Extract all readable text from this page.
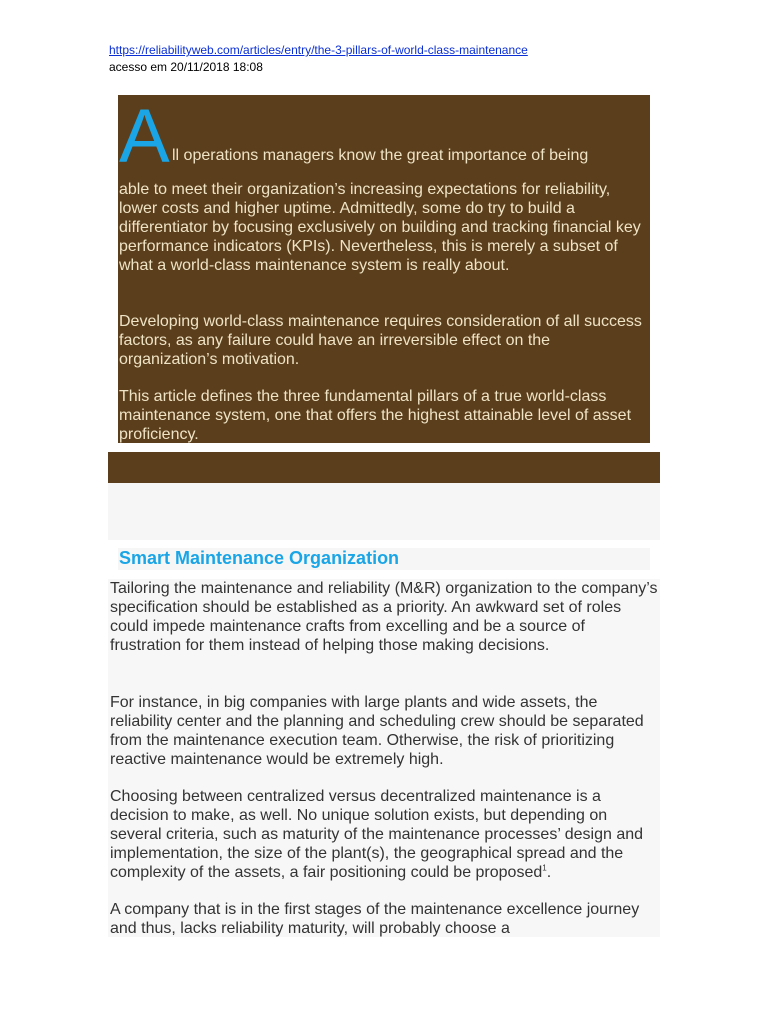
https://reliabilityweb.com/articles/entry/the-3-pillars-of-world-class-maintenance
acesso em 20/11/2018 18:08
A ll operations managers know the great importance of being

able to meet their organization’s increasing expectations for reliability, lower costs and higher uptime. Admittedly, some do try to build a differentiator by focusing exclusively on building and tracking financial key performance indicators (KPIs). Nevertheless, this is merely a subset of what a world-class maintenance system is really about.

Developing world-class maintenance requires consideration of all success factors, as any failure could have an irreversible effect on the organization’s motivation.

This article defines the three fundamental pillars of a true world-class maintenance system, one that offers the highest attainable level of asset proficiency.

Smart Maintenance Organization

Tailoring the maintenance and reliability (M&R) organization to the company’s specification should be established as a priority. An awkward set of roles could impede maintenance crafts from excelling and be a source of frustration for them instead of helping those making decisions.

For instance, in big companies with large plants and wide assets, the reliability center and the planning and scheduling crew should be separated from the maintenance execution team. Otherwise, the risk of prioritizing reactive maintenance would be extremely high.

Choosing between centralized versus decentralized maintenance is a decision to make, as well. No unique solution exists, but depending on several criteria, such as maturity of the maintenance processes’ design and implementation, the size of the plant(s), the geographical spread and the complexity of the assets, a fair positioning could be proposed$^1$.

A company that is in the first stages of the maintenance excellence journey and thus, lacks reliability maturity, will probably choose a
